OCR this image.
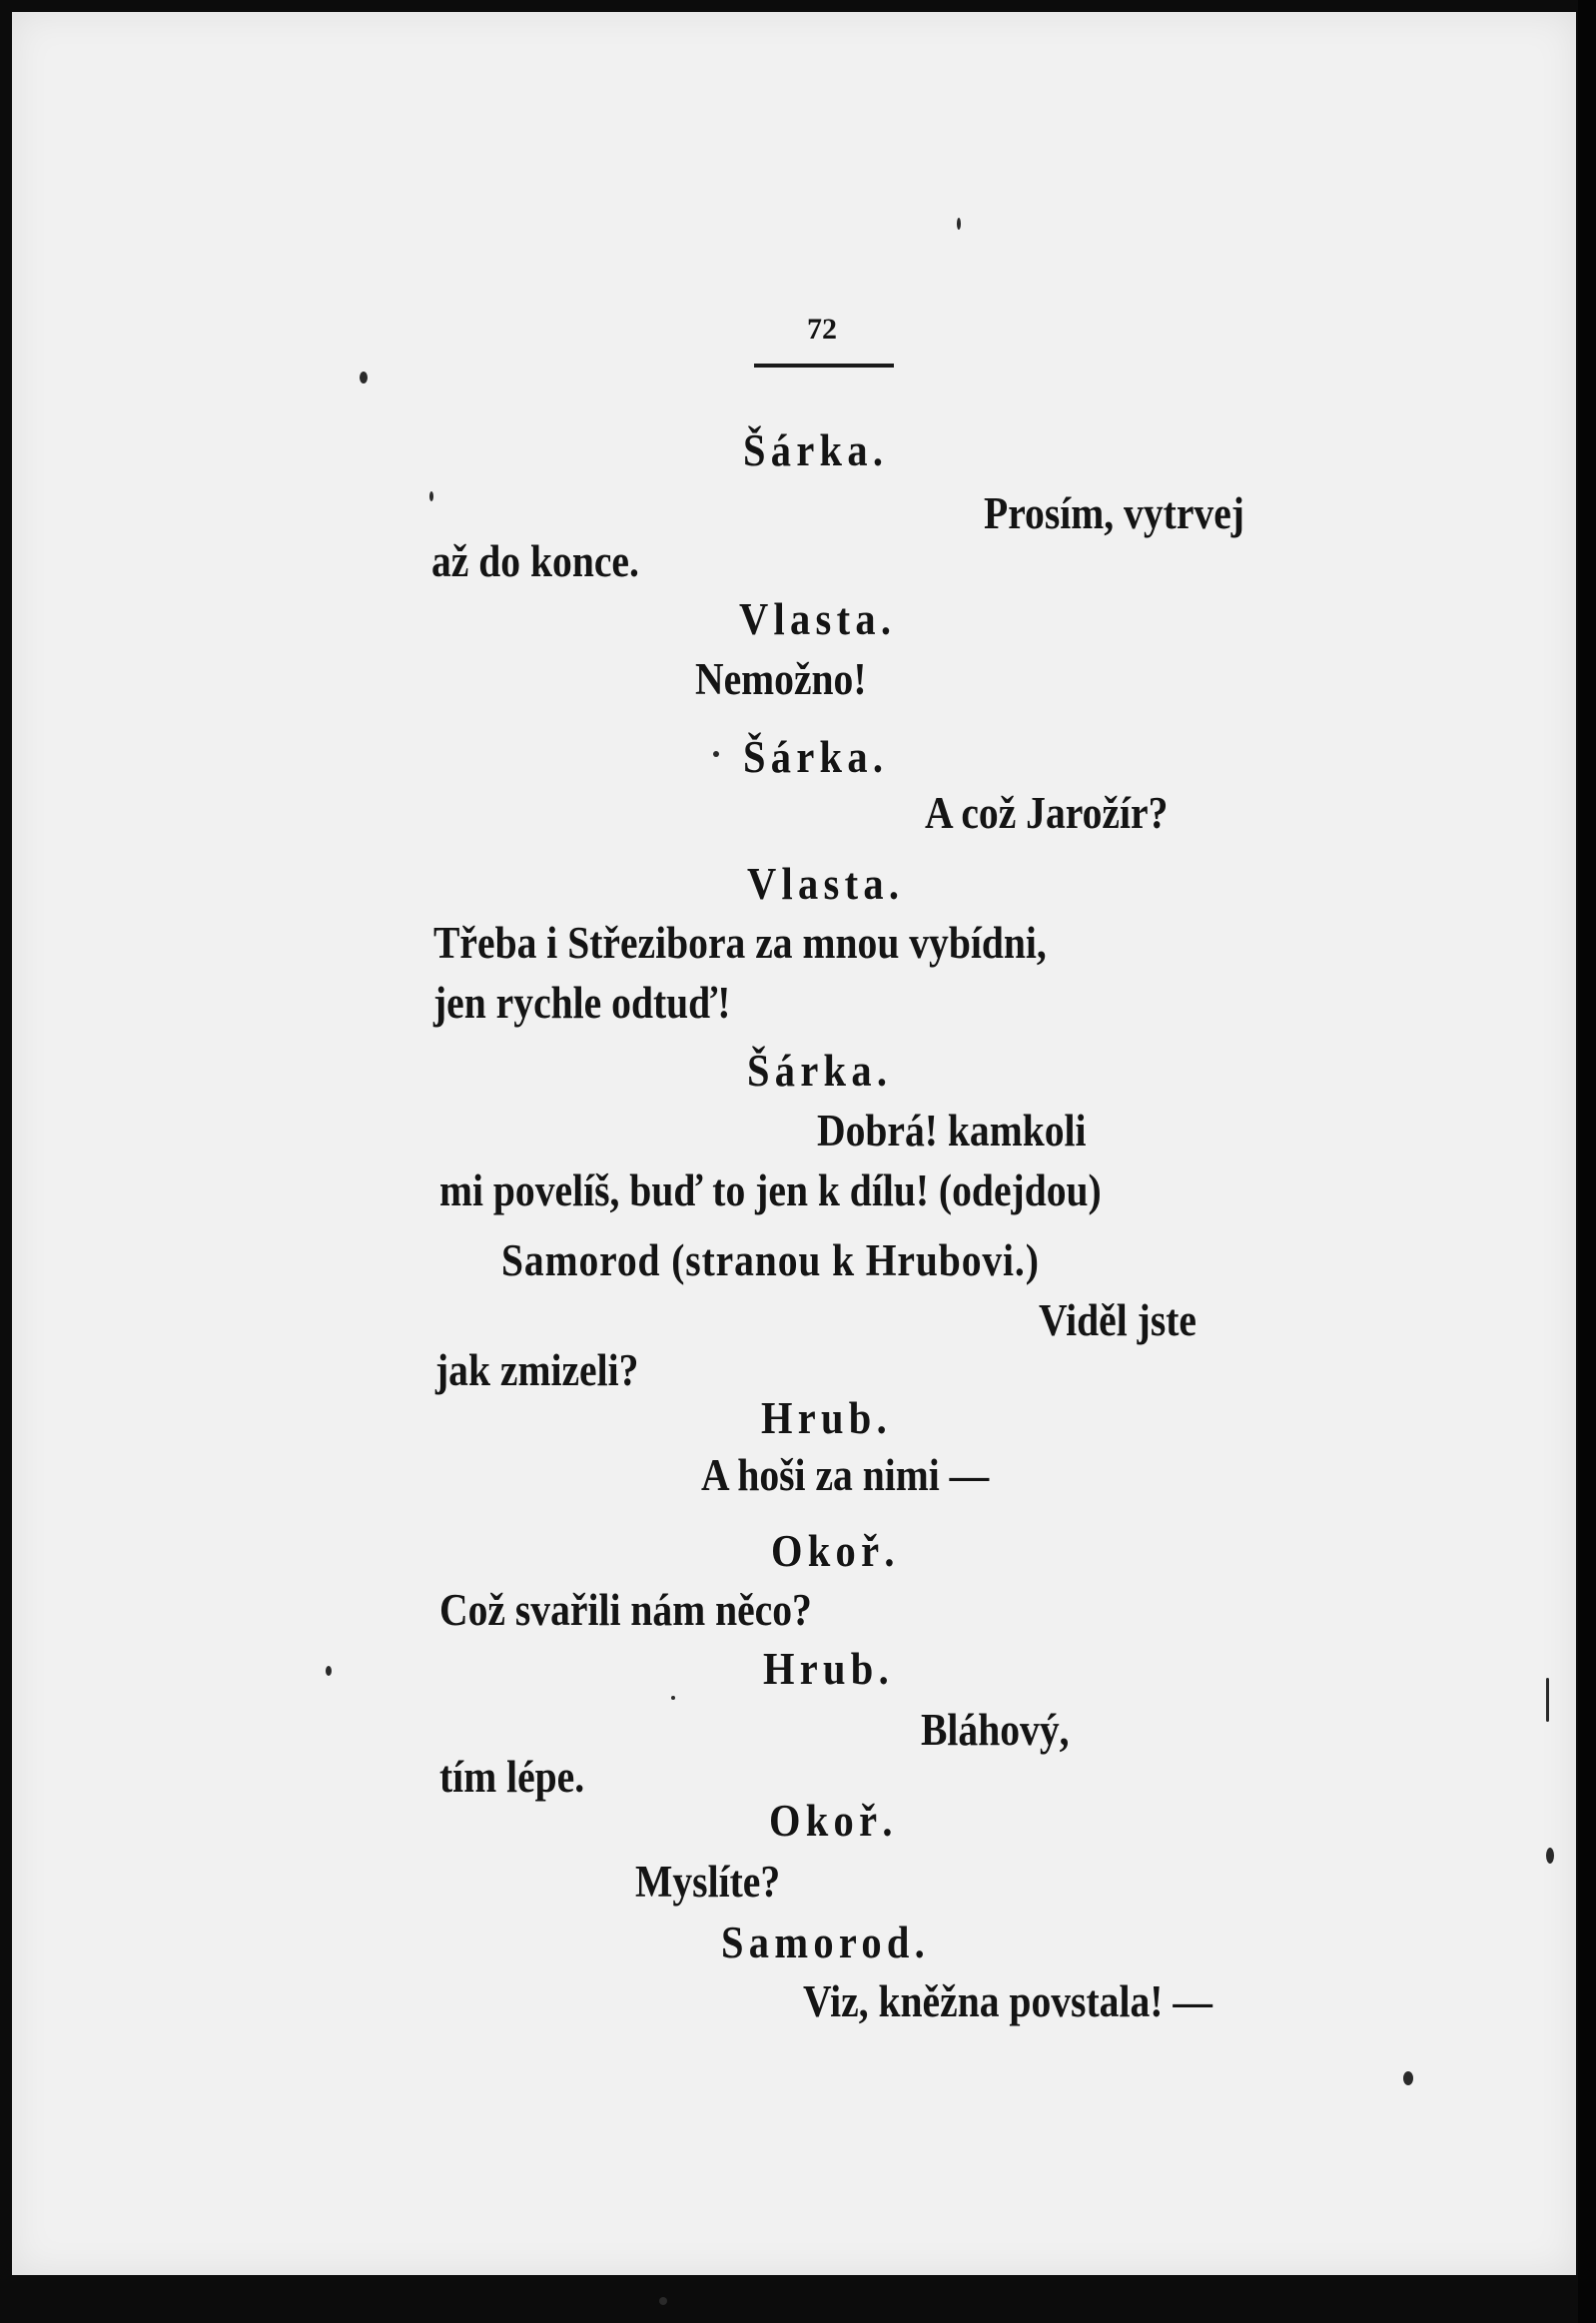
72
Šárka.
Prosím, vytrvej
až do konce.
Vlasta.
Nemožno!
Šárka.
A což Jarožír?
Vlasta.
Třeba i Střezibora za mnou vybídni,
jen rychle odtuď!
Šárka.
Dobrá! kamkoli
mi povelíš, buď to jen k dílu! (odejdou)
Samorod (stranou k Hrubovi.)
Viděl jste
jak zmizeli?
Hrub.
A hoši za nimi —
Okoř.
Což svařili nám něco?
Hrub.
Bláhový,
tím lépe.
Okoř.
Myslíte?
Samorod.
Viz, kněžna povstala! —
